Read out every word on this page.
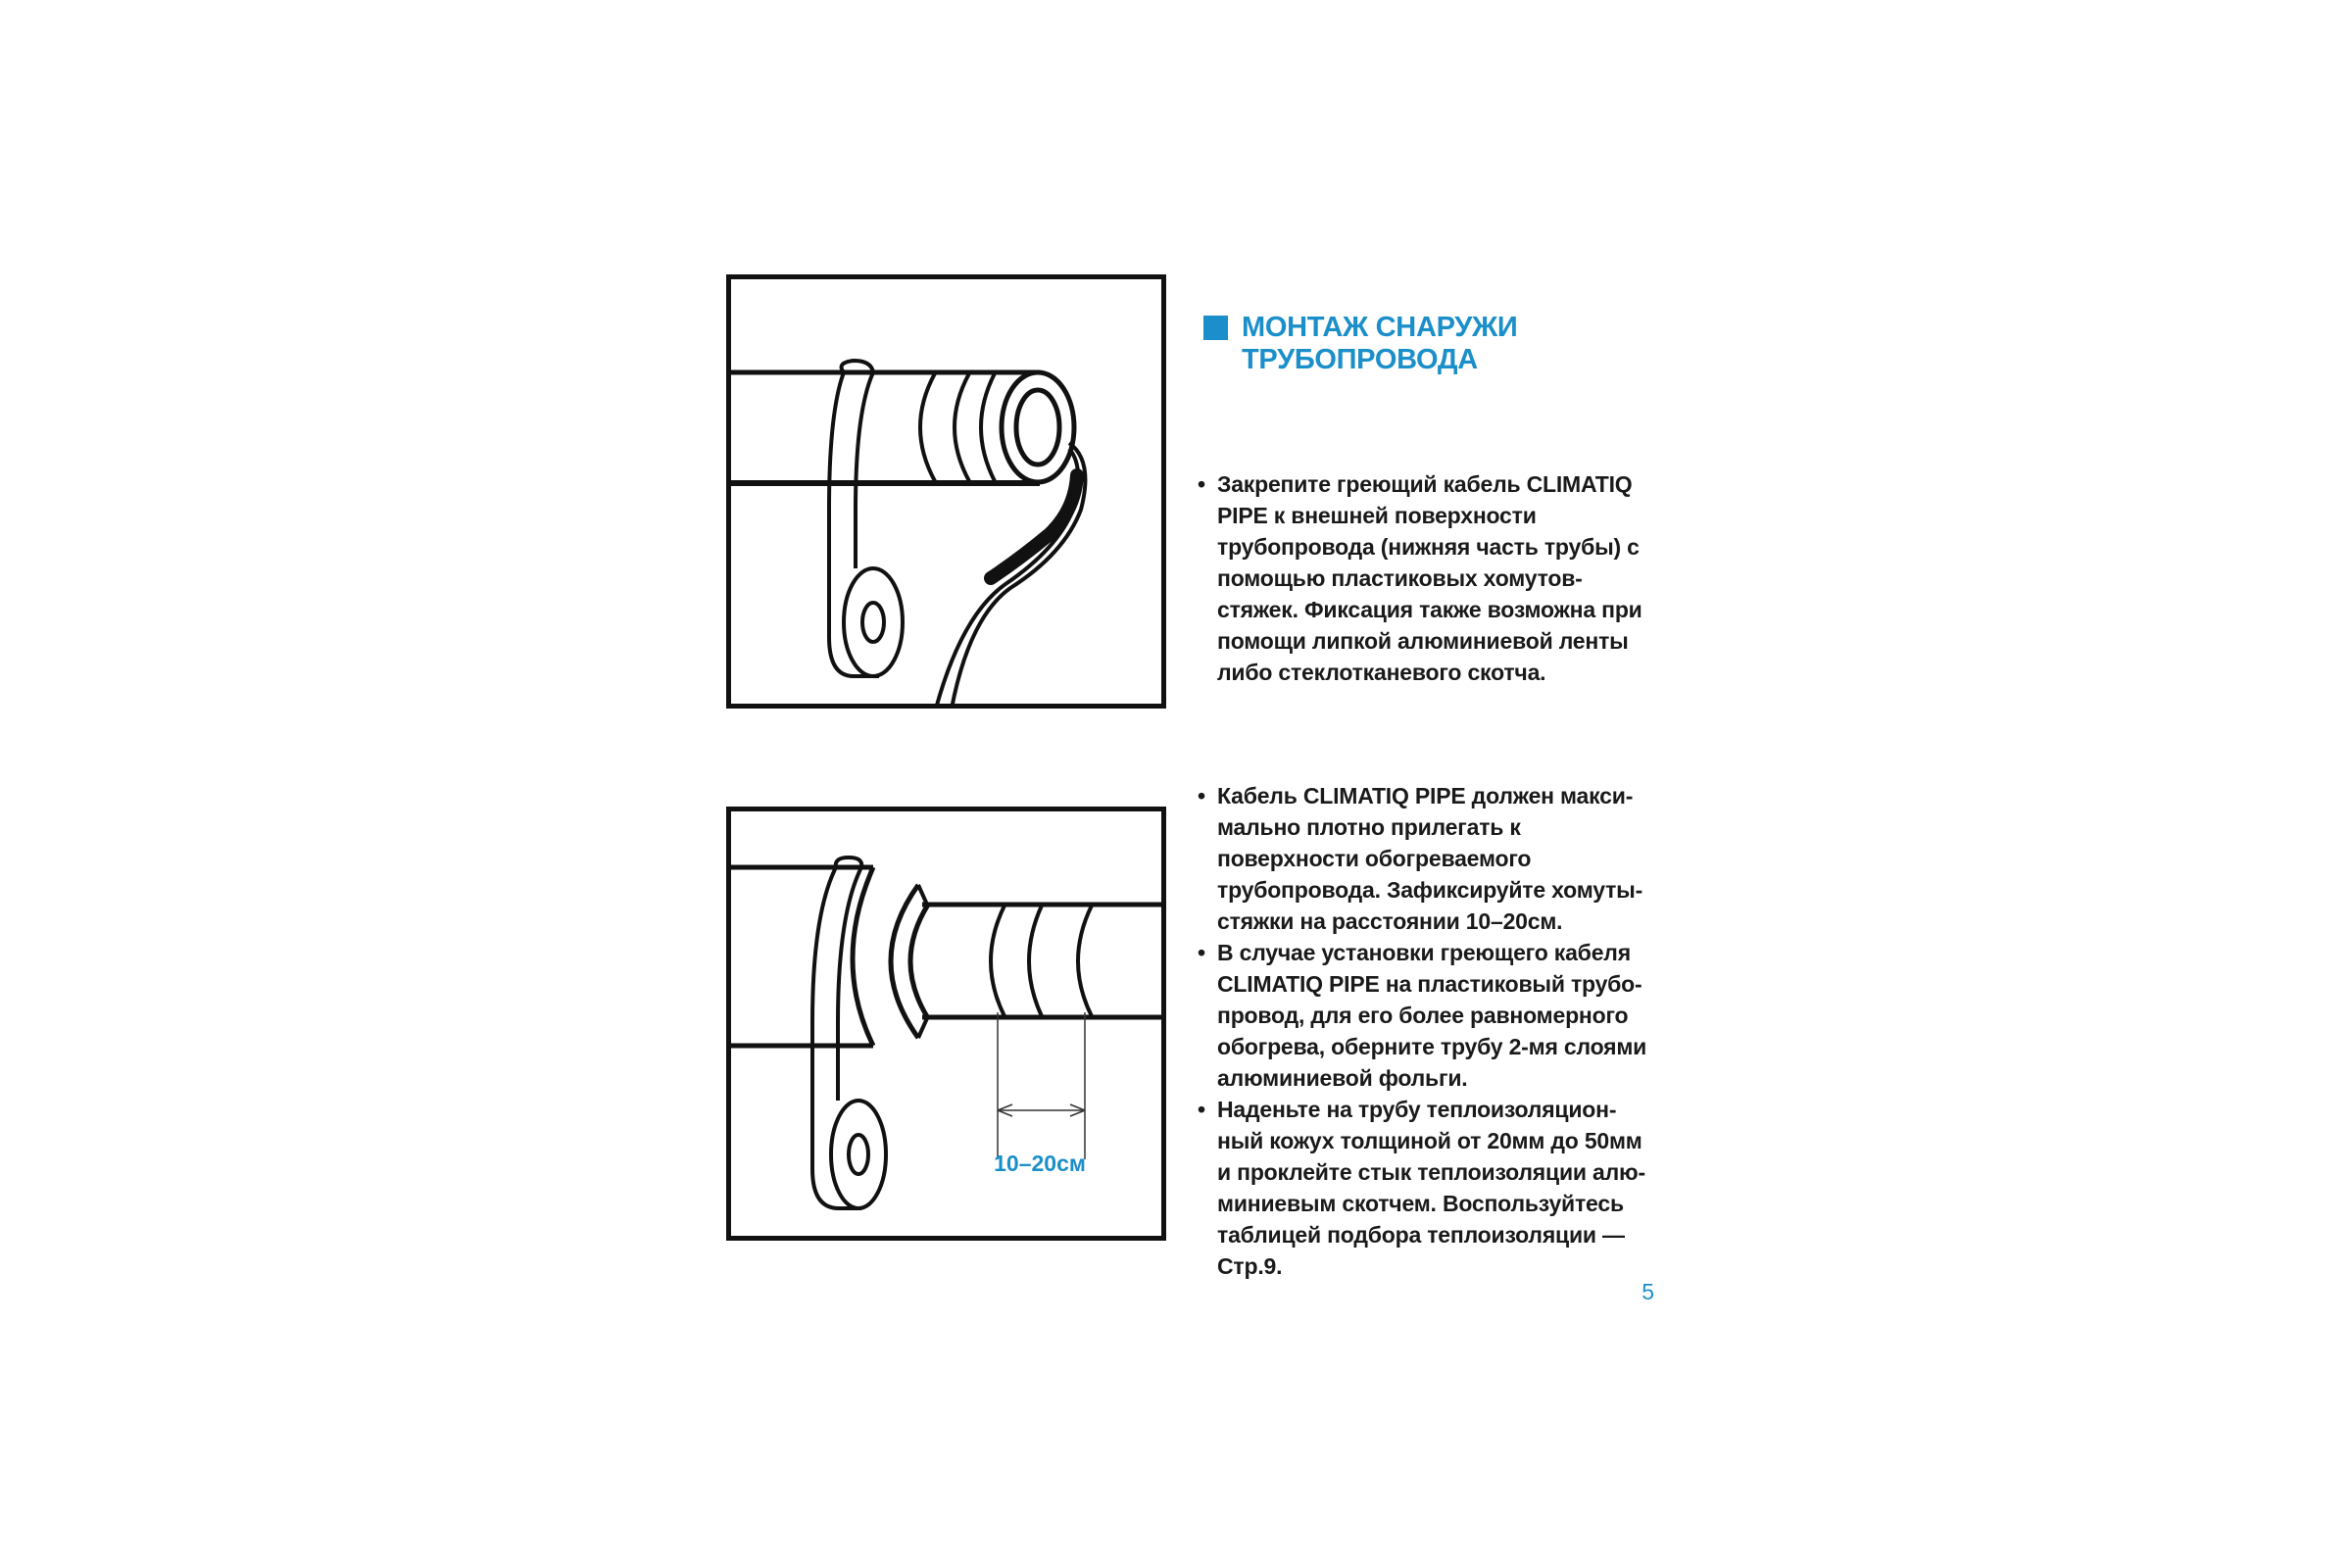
МОНТАЖ СНАРУЖИ ТРУБОПРОВОДА
• Закрепите греющий кабель CLIMATIQ PIPE к внешней поверхности трубопровода (нижняя часть трубы) с помощью пластиковых хомутов-стяжек. Фиксация также возможна при помощи липкой алюминиевой ленты либо стеклотканевого скотча.
10–20см
• Кабель CLIMATIQ PIPE должен максимально плотно прилегать к поверхности обогреваемого трубопровода. Зафиксируйте хомуты-стяжки на расстоянии 10–20см.
• В случае установки греющего кабеля CLIMATIQ PIPE на пластиковый трубопровод, для его более равномерного обогрева, оберните трубу 2-мя слоями алюминиевой фольги.
• Наденьте на трубу теплоизоляционный кожух толщиной от 20мм до 50мм и проклейте стык теплоизоляции алюминиевым скотчем. Воспользуйтесь таблицей подбора теплоизоляции — Стр.9.
5
